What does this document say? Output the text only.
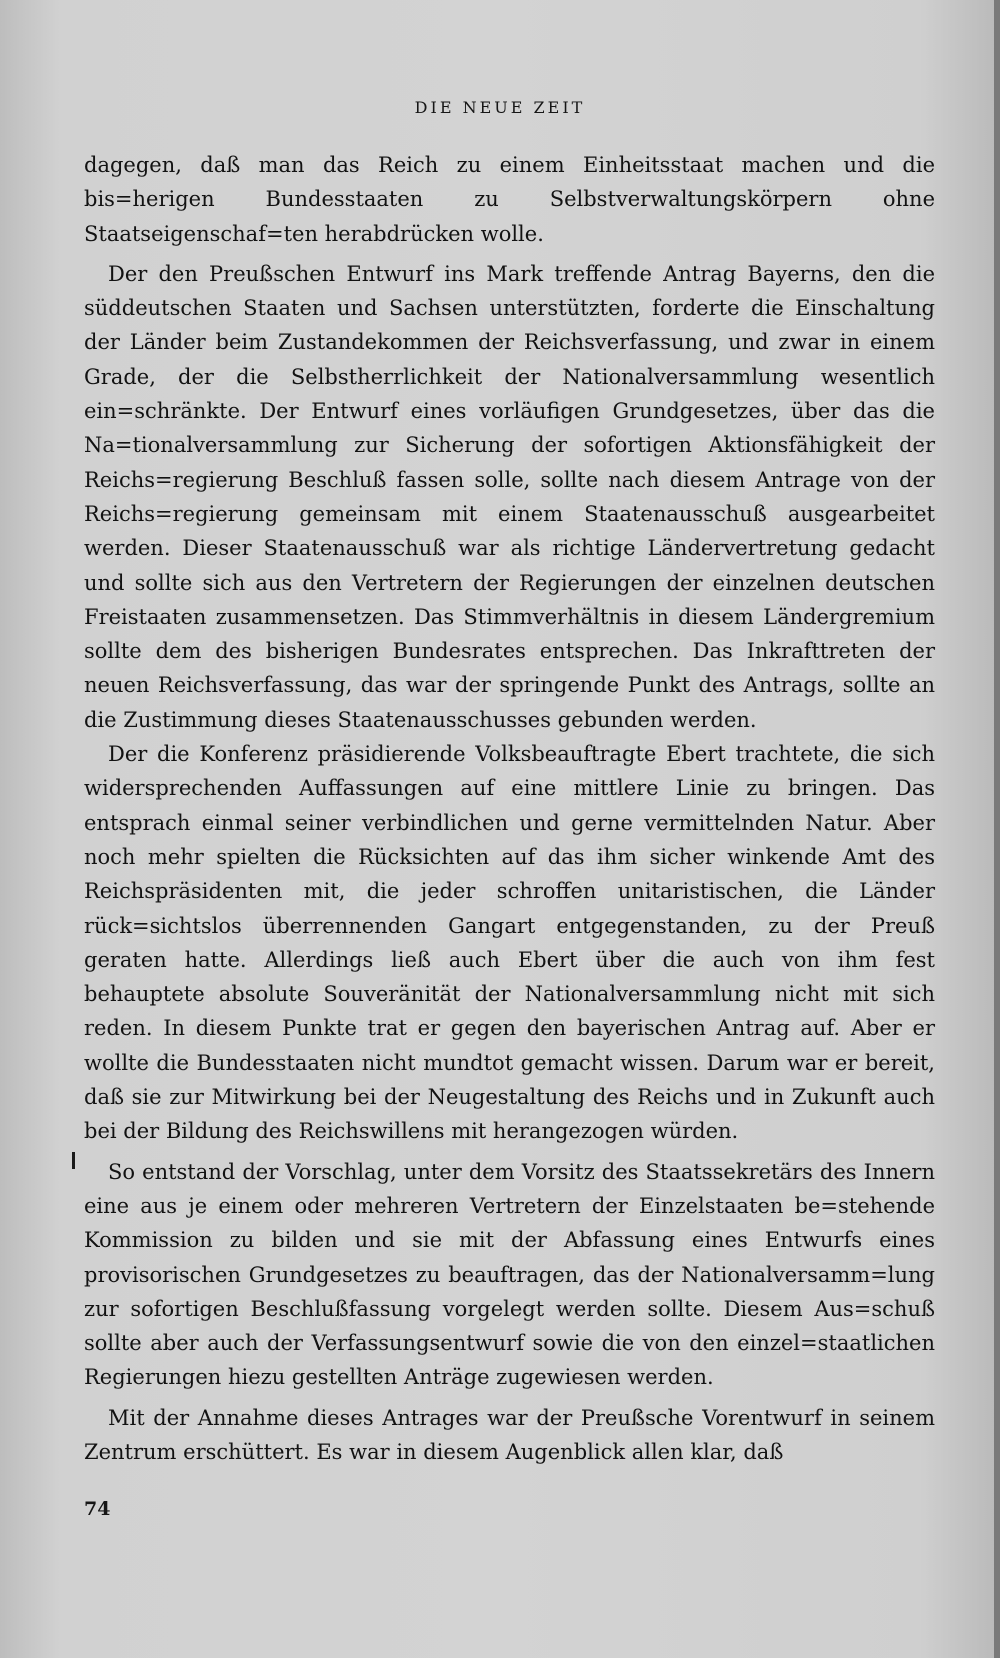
DIE NEUE ZEIT

dagegen, daß man das Reich zu einem Einheitsstaat machen und die bis=herigen Bundesstaaten zu Selbstverwaltungskörpern ohne Staatseigenschaf=ten herabdrücken wolle.

Der den Preußschen Entwurf ins Mark treffende Antrag Bayerns, den die süddeutschen Staaten und Sachsen unterstützten, forderte die Einschaltung der Länder beim Zustandekommen der Reichsverfassung, und zwar in einem Grade, der die Selbstherrlichkeit der Nationalversammlung wesentlich ein=schränkte. Der Entwurf eines vorläufigen Grundgesetzes, über das die Na=tionalversammlung zur Sicherung der sofortigen Aktionsfähigkeit der Reichs=regierung Beschluß fassen solle, sollte nach diesem Antrage von der Reichs=regierung gemeinsam mit einem Staatenausschuß ausgearbeitet werden. Dieser Staatenausschuß war als richtige Ländervertretung gedacht und sollte sich aus den Vertretern der Regierungen der einzelnen deutschen Freistaaten zusammensetzen. Das Stimmverhältnis in diesem Ländergremium sollte dem des bisherigen Bundesrates entsprechen. Das Inkrafttreten der neuen Reichsverfassung, das war der springende Punkt des Antrags, sollte an die Zustimmung dieses Staatenausschusses gebunden werden.

Der die Konferenz präsidierende Volksbeauftragte Ebert trachtete, die sich widersprechenden Auffassungen auf eine mittlere Linie zu bringen. Das entsprach einmal seiner verbindlichen und gerne vermittelnden Natur. Aber noch mehr spielten die Rücksichten auf das ihm sicher winkende Amt des Reichspräsidenten mit, die jeder schroffen unitaristischen, die Länder rück=sichtslos überrennenden Gangart entgegenstanden, zu der Preuß geraten hatte. Allerdings ließ auch Ebert über die auch von ihm fest behauptete absolute Souveränität der Nationalversammlung nicht mit sich reden. In diesem Punkte trat er gegen den bayerischen Antrag auf. Aber er wollte die Bundesstaaten nicht mundtot gemacht wissen. Darum war er bereit, daß sie zur Mitwirkung bei der Neugestaltung des Reichs und in Zukunft auch bei der Bildung des Reichswillens mit herangezogen würden.

So entstand der Vorschlag, unter dem Vorsitz des Staatssekretärs des Innern eine aus je einem oder mehreren Vertretern der Einzelstaaten be=stehende Kommission zu bilden und sie mit der Abfassung eines Entwurfs eines provisorischen Grundgesetzes zu beauftragen, das der Nationalversamm=lung zur sofortigen Beschlußfassung vorgelegt werden sollte. Diesem Aus=schuß sollte aber auch der Verfassungsentwurf sowie die von den einzel=staatlichen Regierungen hiezu gestellten Anträge zugewiesen werden.

Mit der Annahme dieses Antrages war der Preußsche Vorentwurf in seinem Zentrum erschüttert. Es war in diesem Augenblick allen klar, daß

74
